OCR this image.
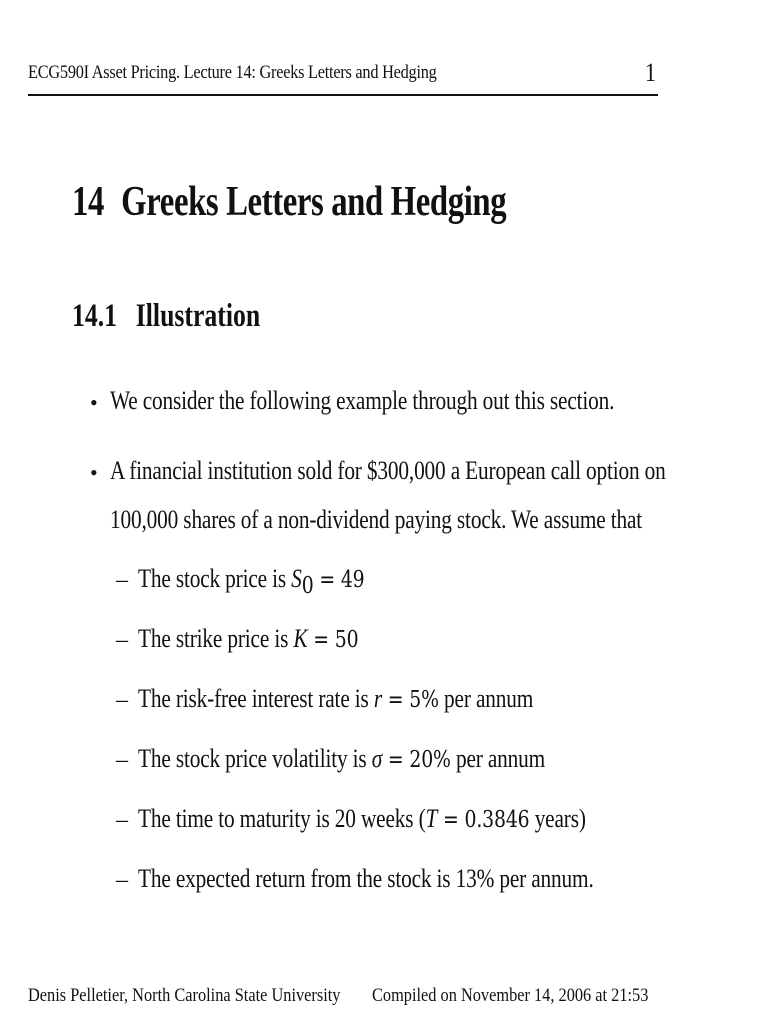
ECG590I Asset Pricing. Lecture 14: Greeks Letters and Hedging	1
14 Greeks Letters and Hedging
14.1 Illustration
• We consider the following example through out this section.
• A financial institution sold for $300,000 a European call option on
100,000 shares of a non-dividend paying stock. We assume that
– The stock price is $S_0 = 49$
– The strike price is K = 50
– The risk-free interest rate is r = 5% per annum
– The stock price volatility is σ = 20% per annum
– The time to maturity is 20 weeks (T = 0.3846 years)
– The expected return from the stock is 13% per annum.
Denis Pelletier, North Carolina State University Compiled on November 14, 2006 at 21:53
